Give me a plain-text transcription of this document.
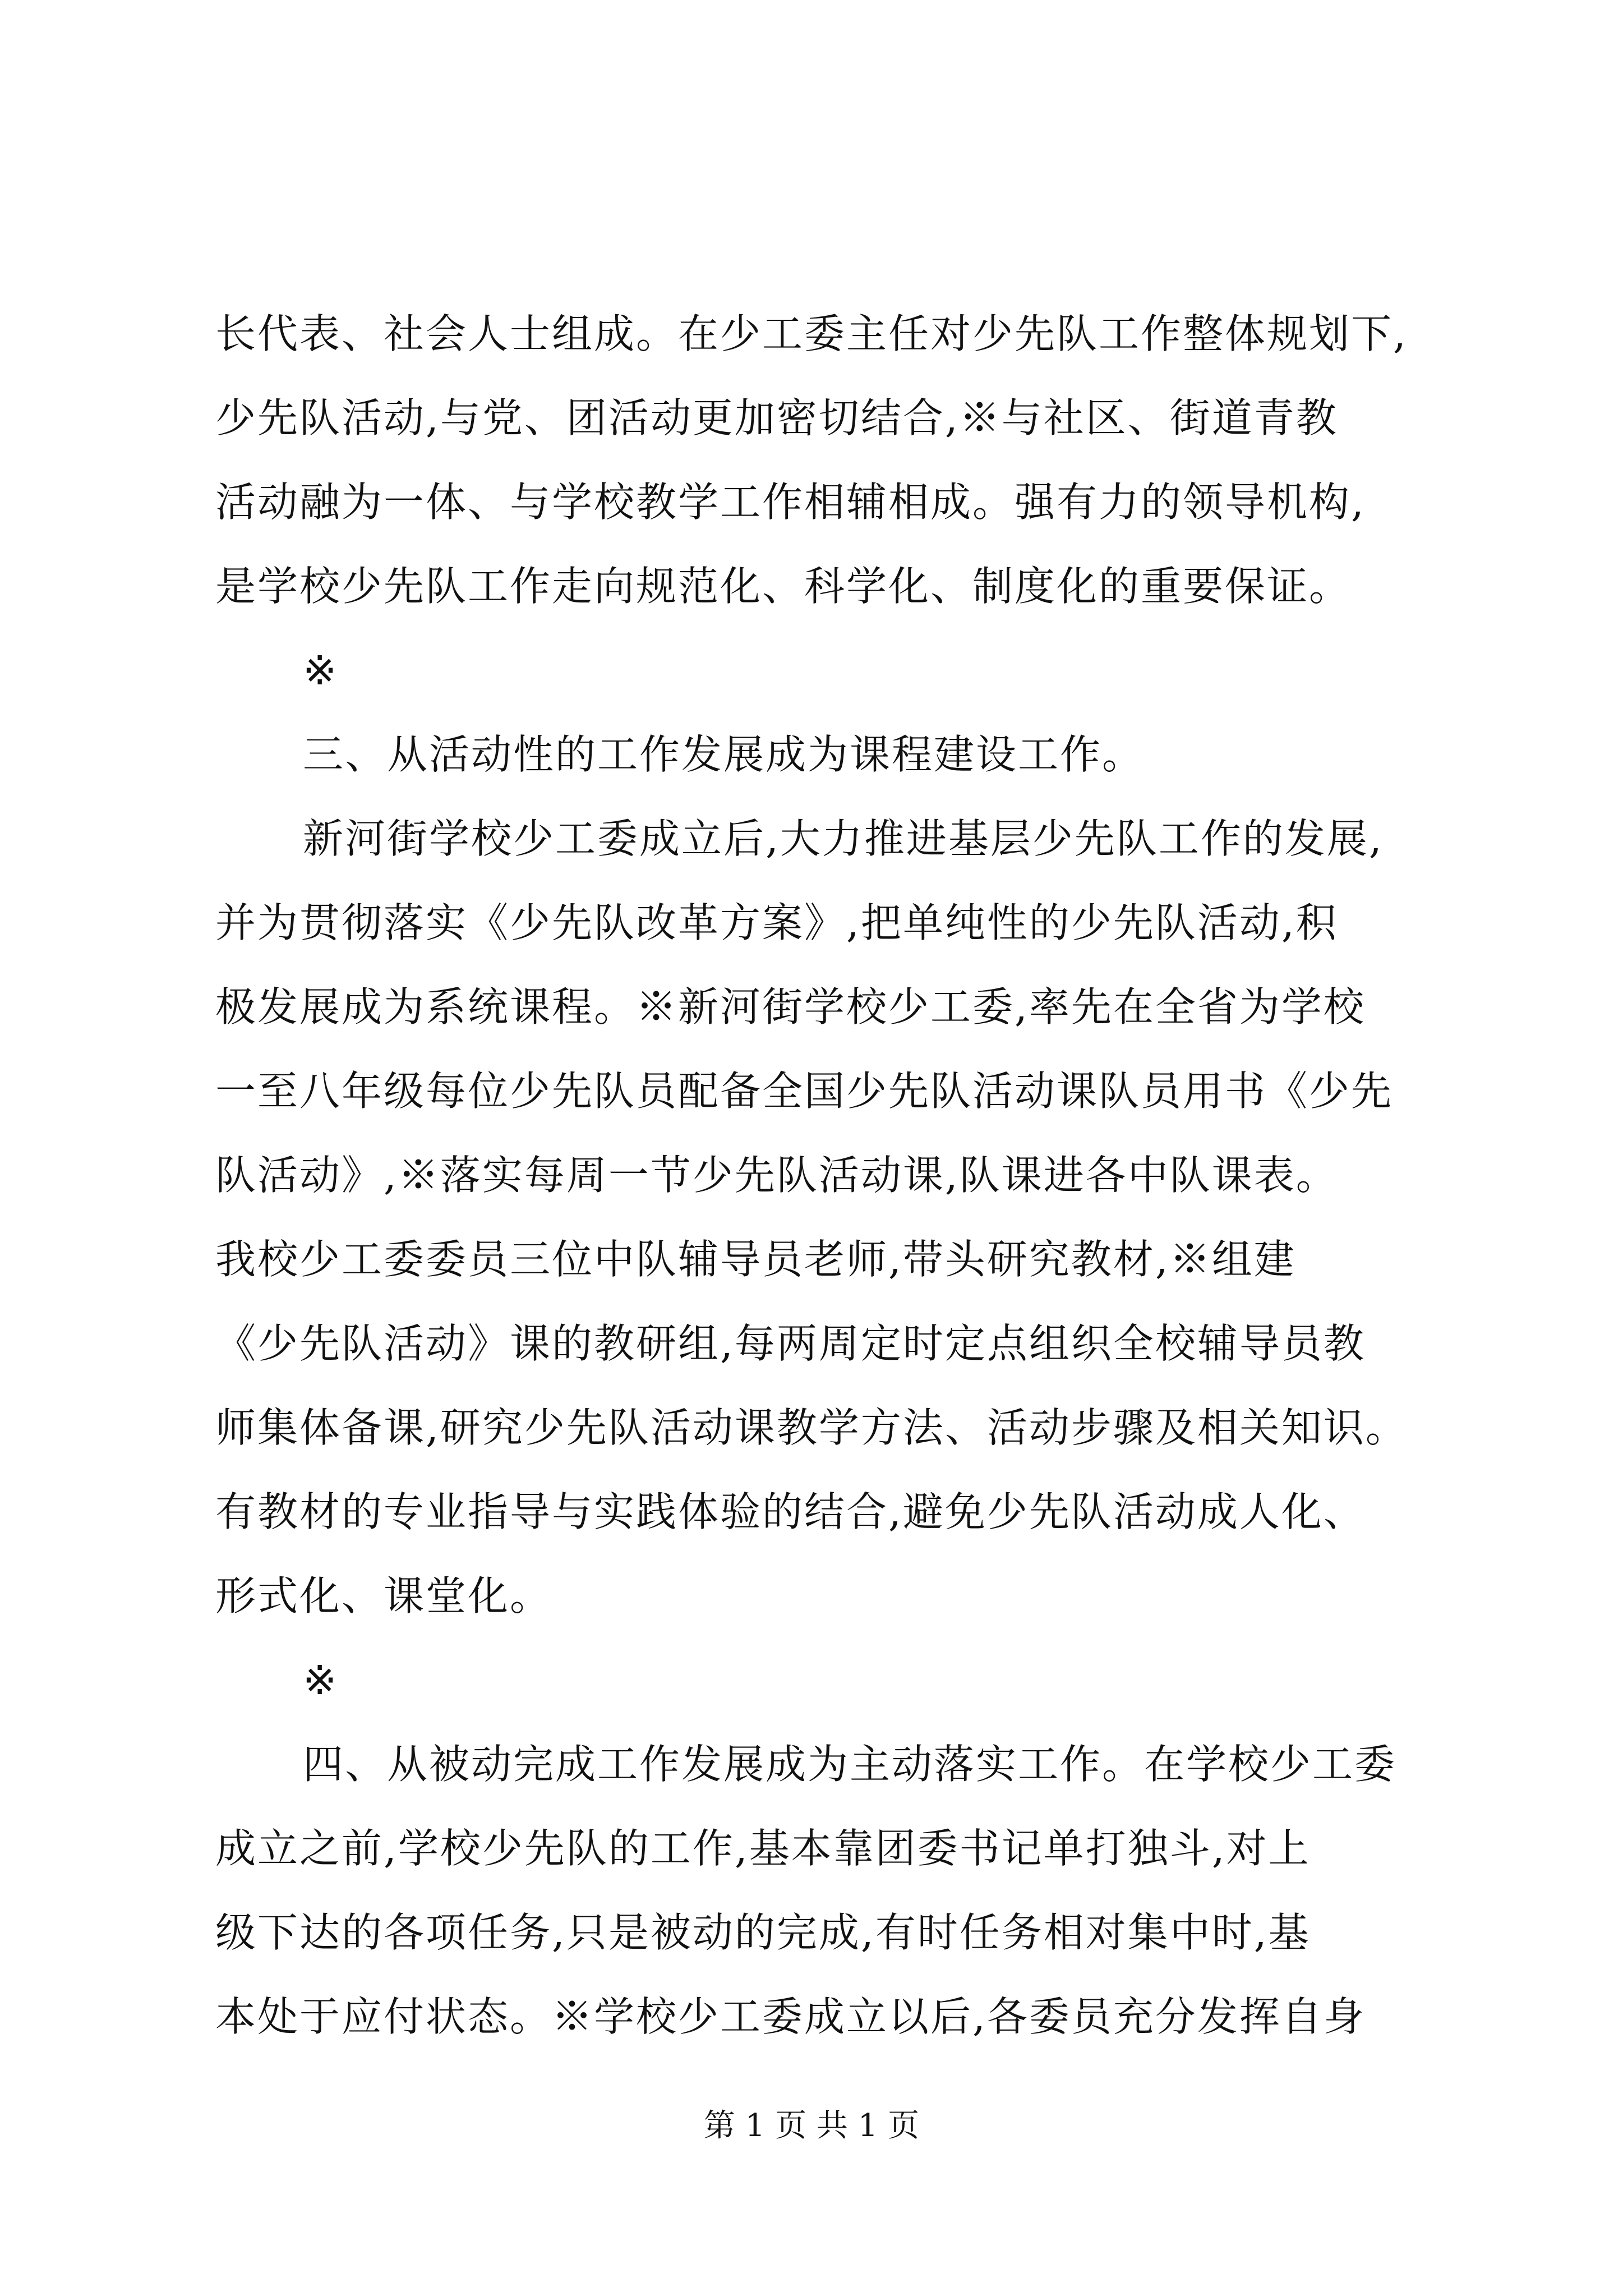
长代表、社会人士组成。在少工委主任对少先队工作整体规划下,
少先队活动,与党、团活动更加密切结合,※与社区、街道青教
活动融为一体、与学校教学工作相辅相成。强有力的领导机构,
是学校少先队工作走向规范化、科学化、制度化的重要保证。
※
三、从活动性的工作发展成为课程建设工作。
新河街学校少工委成立后,大力推进基层少先队工作的发展,
并为贯彻落实《少先队改革方案》,把单纯性的少先队活动,积
极发展成为系统课程。※新河街学校少工委,率先在全省为学校
一至八年级每位少先队员配备全国少先队活动课队员用书《少先
队活动》,※落实每周一节少先队活动课,队课进各中队课表。
我校少工委委员三位中队辅导员老师,带头研究教材,※组建
《少先队活动》课的教研组,每两周定时定点组织全校辅导员教
师集体备课,研究少先队活动课教学方法、活动步骤及相关知识。
有教材的专业指导与实践体验的结合,避免少先队活动成人化、
形式化、课堂化。
※
四、从被动完成工作发展成为主动落实工作。在学校少工委
成立之前,学校少先队的工作,基本靠团委书记单打独斗,对上
级下达的各项任务,只是被动的完成,有时任务相对集中时,基
本处于应付状态。※学校少工委成立以后,各委员充分发挥自身
第 1 页 共 1 页
